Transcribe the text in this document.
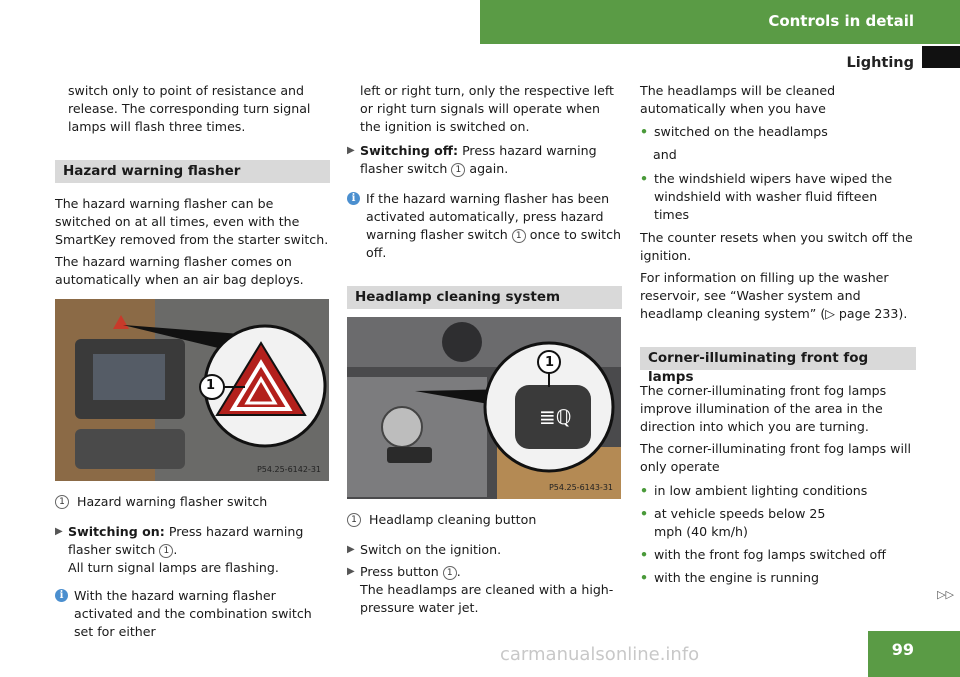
Controls in detail
Lighting

switch only to point of resistance and release. The corresponding turn signal lamps will flash three times.

Hazard warning flasher

The hazard warning flasher can be switched on at all times, even with the SmartKey removed from the starter switch.

The hazard warning flasher comes on automatically when an air bag deploys.

P54.25-6142-31
1
1 Hazard warning flasher switch
▶ Switching on: Press hazard warning flasher switch 1 .
All turn signal lamps are flashing.
i With the hazard warning flasher activated and the combination switch set for either

left or right turn, only the respective left or right turn signals will operate when the ignition is switched on.

▶ Switching off: Press hazard warning flasher switch 1 again.
i If the hazard warning flasher has been activated automatically, press hazard warning flasher switch 1 once to switch off.
Headlamp cleaning system
≣ℚ
P54.25-6143-31
1
1 Headlamp cleaning button
▶ Switch on the ignition.
▶ Press button 1 .
The headlamps are cleaned with a high-pressure water jet.

The headlamps will be cleaned automatically when you have

• switched on the headlamps

and

• the windshield wipers have wiped the windshield with washer fluid fifteen times

The counter resets when you switch off the ignition.

For information on filling up the washer reservoir, see “Washer system and headlamp cleaning system” (▷ page 233).

Corner-illuminating front fog lamps

The corner-illuminating front fog lamps improve illumination of the area in the direction into which you are turning.

The corner-illuminating front fog lamps will only operate

• in low ambient lighting conditions
• at vehicle speeds below 25 mph (40 km/h)
• with the front fog lamps switched off
• with the engine is running
▷▷
99
carmanualsonline.info
